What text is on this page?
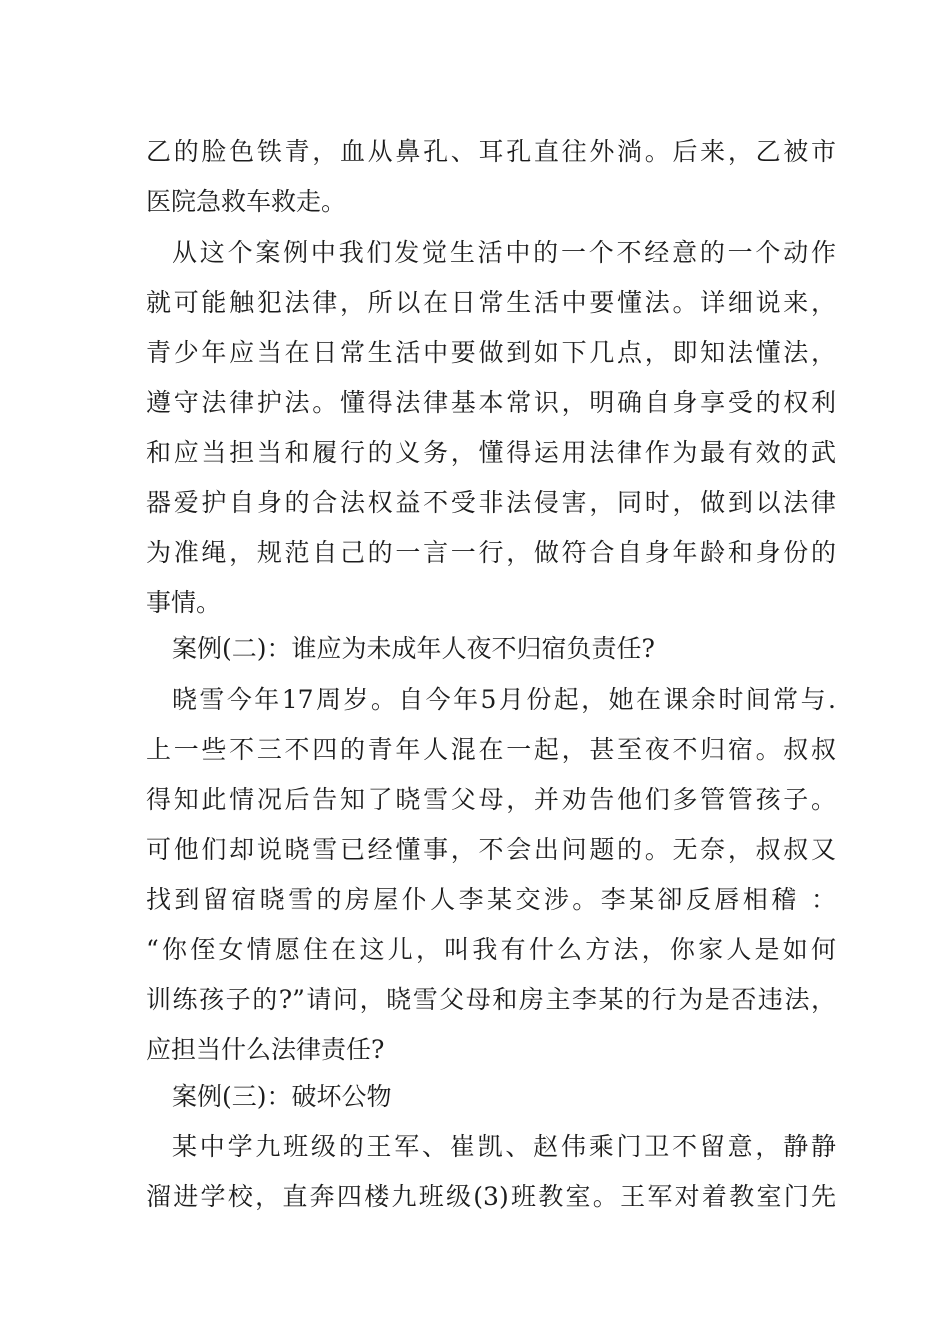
乙的脸色铁青，血从鼻孔、耳孔直往外淌。后来，乙被市
医院急救车救走。
从这个案例中我们发觉生活中的一个不经意的一个动作
就可能触犯法律，所以在日常生活中要懂法。详细说来，
青少年应当在日常生活中要做到如下几点，即知法懂法，
遵守法律护法。懂得法律基本常识，明确自身享受的权利
和应当担当和履行的义务，懂得运用法律作为最有效的武
器爱护自身的合法权益不受非法侵害，同时，做到以法律
为准绳，规范自己的一言一行，做符合自身年龄和身份的
事情。
案例(二)：谁应为未成年人夜不归宿负责任?
晓雪今年17周岁。自今年5月份起，她在课余时间常与.
上一些不三不四的青年人混在一起，甚至夜不归宿。叔叔
得知此情况后告知了晓雪父母，并劝告他们多管管孩子。
可他们却说晓雪已经懂事，不会出问题的。无奈，叔叔又
找到留宿晓雪的房屋仆人李某交涉。李某卻反唇相稽 ：
“你侄女情愿住在这儿，叫我有什么方法，你家人是如何
训练孩子的?”请问，晓雪父母和房主李某的行为是否违法，
应担当什么法律责任?
案例(三)：破坏公物
某中学九班级的王军、崔凯、赵伟乘门卫不留意，静静
溜进学校，直奔四楼九班级(3)班教室。王军对着教室门先
